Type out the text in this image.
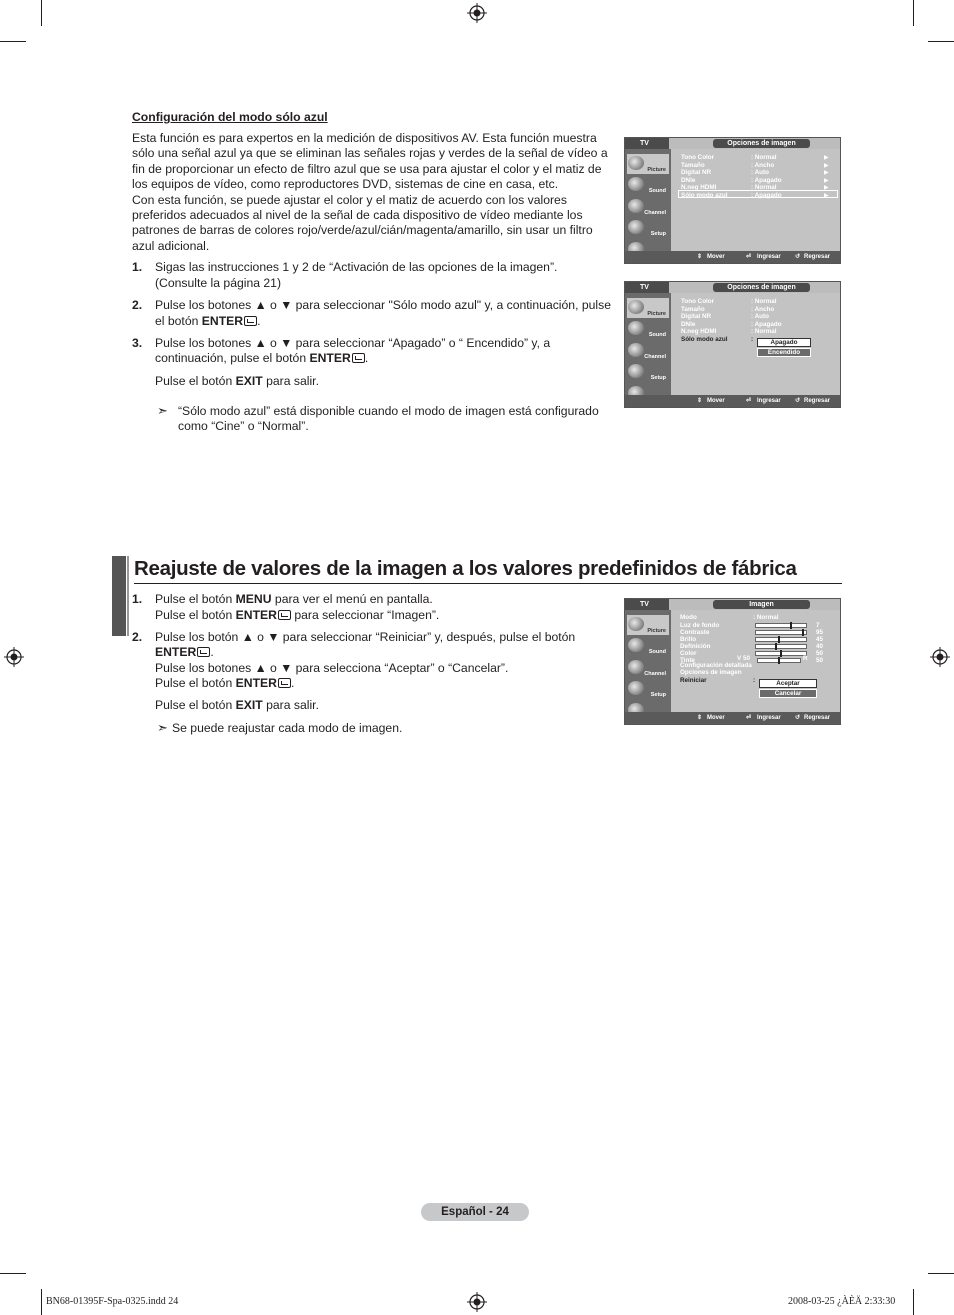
Configuración del modo sólo azul
Esta función es para expertos en la medición de dispositivos AV. Esta función muestra
sólo una señal azul ya que se eliminan las señales rojas y verdes de la señal de vídeo a
fin de proporcionar un efecto de filtro azul que se usa para ajustar el color y el matiz de
los equipos de vídeo, como reproductores DVD, sistemas de cine en casa, etc.
Con esta función, se puede ajustar el color y el matiz de acuerdo con los valores
preferidos adecuados al nivel de la señal de cada dispositivo de vídeo mediante los
patrones de barras de colores rojo/verde/azul/cián/magenta/amarillo, sin usar un filtro
azul adicional.
1. Sigas las instrucciones 1 y 2 de “Activación de las opciones de la imagen”.
(Consulte la página 21)
2. Pulse los botones ▲ o ▼ para seleccionar "Sólo modo azul" y, a continuación, pulse
el botón ENTER .
3. Pulse los botones ▲ o ▼ para seleccionar “Apagado” o “ Encendido” y, a
continuación, pulse el botón ENTER .
Pulse el botón EXIT para salir.
➣ “Sólo modo azul” está disponible cuando el modo de imagen está configurado
como “Cine” o “Normal”.
TV	Opciones de imagen
Picture
Sound
Channel
Setup
Tono Color
Tamaño
Digital NR
DNIe
N.neg HDMI
Sólo modo azul
: Normal
: Ancho
: Auto
: Apagado
: Normal
: Apagado
▶
▶
▶
▶
▶
▶
⇕ Mover	⏎ Ingresar ↺ Regresar
TV	Opciones de imagen
Picture
Sound
Channel
Setup
Tono Color
Tamaño
Digital NR
DNIe
N.neg HDMI
Sólo modo azul
: Normal
: Ancho
: Auto
: Apagado
: Normal
:	Apagado
Encendido
⇕ Mover	⏎ Ingresar ↺ Regresar
Reajuste de valores de la imagen a los valores predefinidos de fábrica
1. Pulse el botón MENU para ver el menú en pantalla.
Pulse el botón ENTER para seleccionar “Imagen”.
2. Pulse los botón ▲ o ▼ para seleccionar “Reiniciar” y, después, pulse el botón
ENTER .
Pulse los botones ▲ o ▼ para selecciona “Aceptar” o “Cancelar”.
Pulse el botón ENTER .
Pulse el botón EXIT para salir.
➣ Se puede reajustar cada modo de imagen.
TV	Imagen
Picture
Sound
Channel
Setup
Modo	: Normal
Luz de fondo	7
Contraste	95
Brillo	45
Definición	40
Color	50
Tinte	50
V 50	R
Configuración detallada
Opciones de imagen
Reiniciar	:	Aceptar
Cancelar
⇕ Mover	⏎ Ingresar ↺ Regresar
Español - 24
BN68-01395F-Spa-0325.indd 24	2008-03-25 ¿ÀÈÄ 2:33:30
